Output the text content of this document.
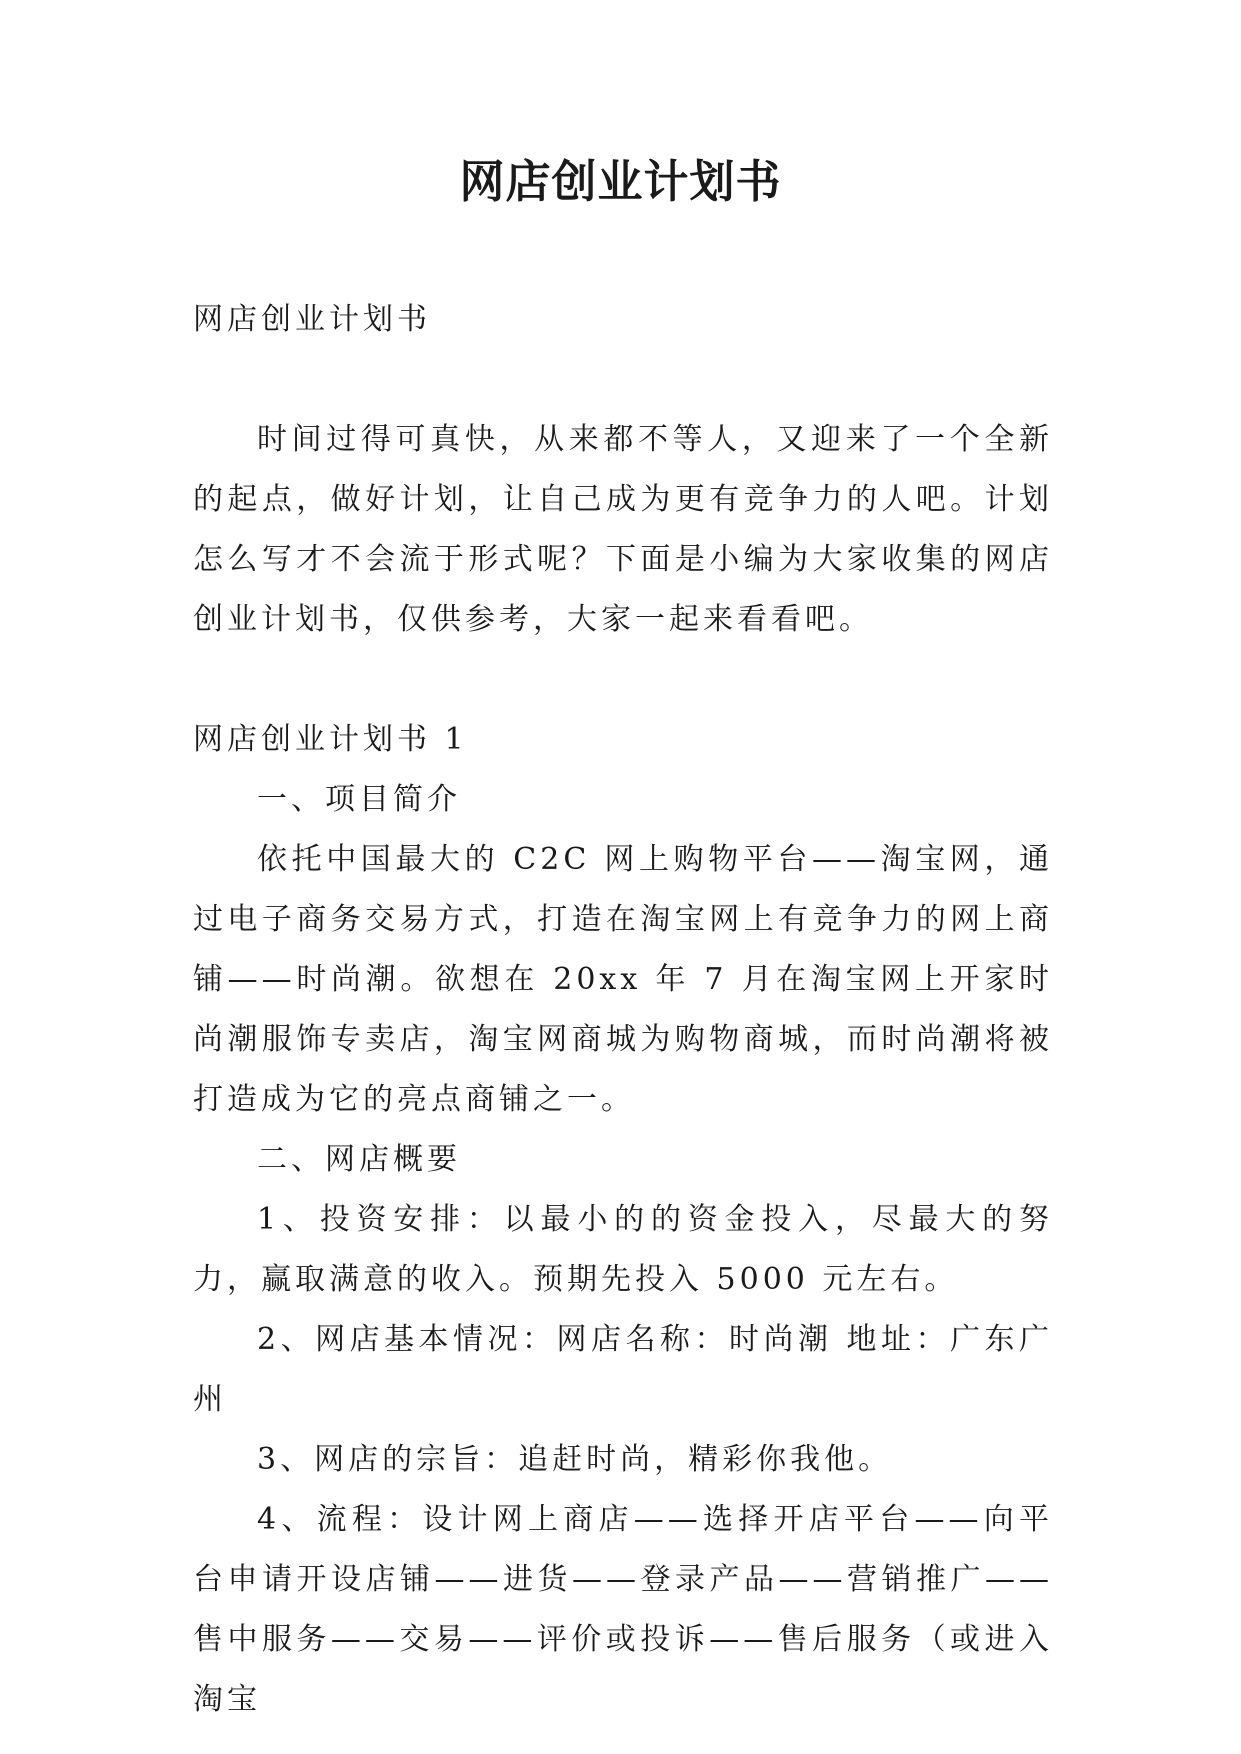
网店创业计划书

网店创业计划书

时间过得可真快，从来都不等人，又迎来了一个全新的起点，做好计划，让自己成为更有竞争力的人吧。计划怎么写才不会流于形式呢？下面是小编为大家收集的网店创业计划书，仅供参考，大家一起来看看吧。

网店创业计划书 1

一、项目简介

依托中国最大的 C2C 网上购物平台——淘宝网，通过电子商务交易方式，打造在淘宝网上有竞争力的网上商铺——时尚潮。欲想在 20xx 年 7 月在淘宝网上开家时尚潮服饰专卖店，淘宝网商城为购物商城，而时尚潮将被打造成为它的亮点商铺之一。

二、网店概要

1、投资安排：以最小的的资金投入，尽最大的努力，赢取满意的收入。预期先投入 5000 元左右。

2、网店基本情况：网店名称：时尚潮 地址：广东广州

3、网店的宗旨：追赶时尚，精彩你我他。

4、流程：设计网上商店——选择开店平台——向平台申请开设店铺——进货——登录产品——营销推广——售中服务——交易——评价或投诉——售后服务（或进入淘宝
